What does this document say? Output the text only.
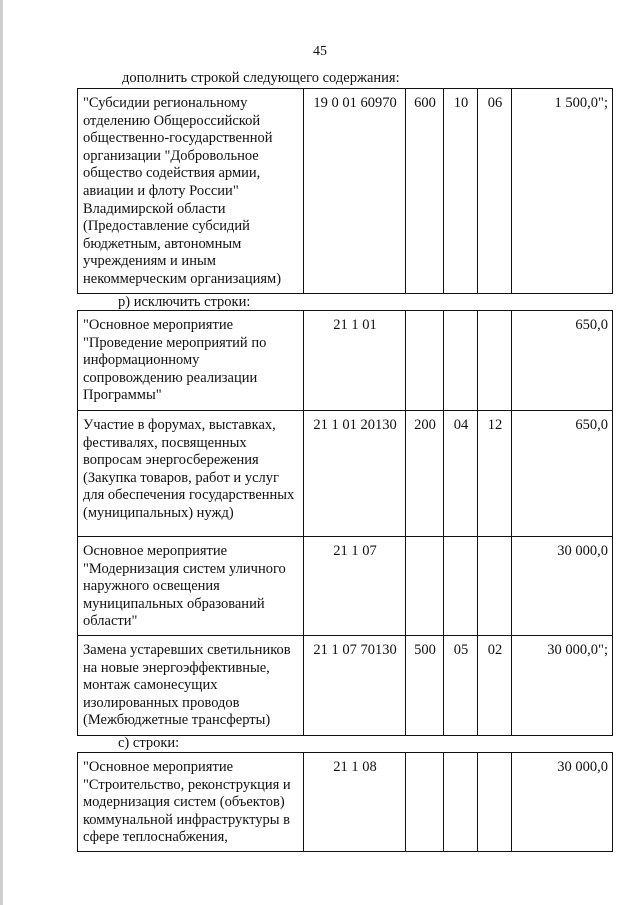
45
дополнить строкой следующего содержания:
"Субсидии региональному отделению Общероссийской общественно-государственной организации "Добровольное общество содействия армии, авиации и флоту России" Владимирской области (Предоставление субсидий бюджетным, автономным учреждениям и иным некоммерческим организациям)	19 0 01 60970	600	10	06	1 500,0";
р) исключить строки:
"Основное мероприятие "Проведение мероприятий по информационному сопровождению реализации Программы"	21 1 01				650,0
Участие в форумах, выставках, фестивалях, посвященных вопросам энергосбережения (Закупка товаров, работ и услуг для обеспечения государственных (муниципальных) нужд)	21 1 01 20130	200	04	12	650,0
Основное мероприятие "Модернизация систем уличного наружного освещения муниципальных образований области"	21 1 07				30 000,0
Замена устаревших светильников на новые энергоэффективные, монтаж самонесущих изолированных проводов (Межбюджетные трансферты)	21 1 07 70130	500	05	02	30 000,0";
с) строки:
"Основное мероприятие "Строительство, реконструкция и модернизация систем (объектов) коммунальной инфраструктуры в сфере теплоснабжения,	21 1 08				30 000,0
